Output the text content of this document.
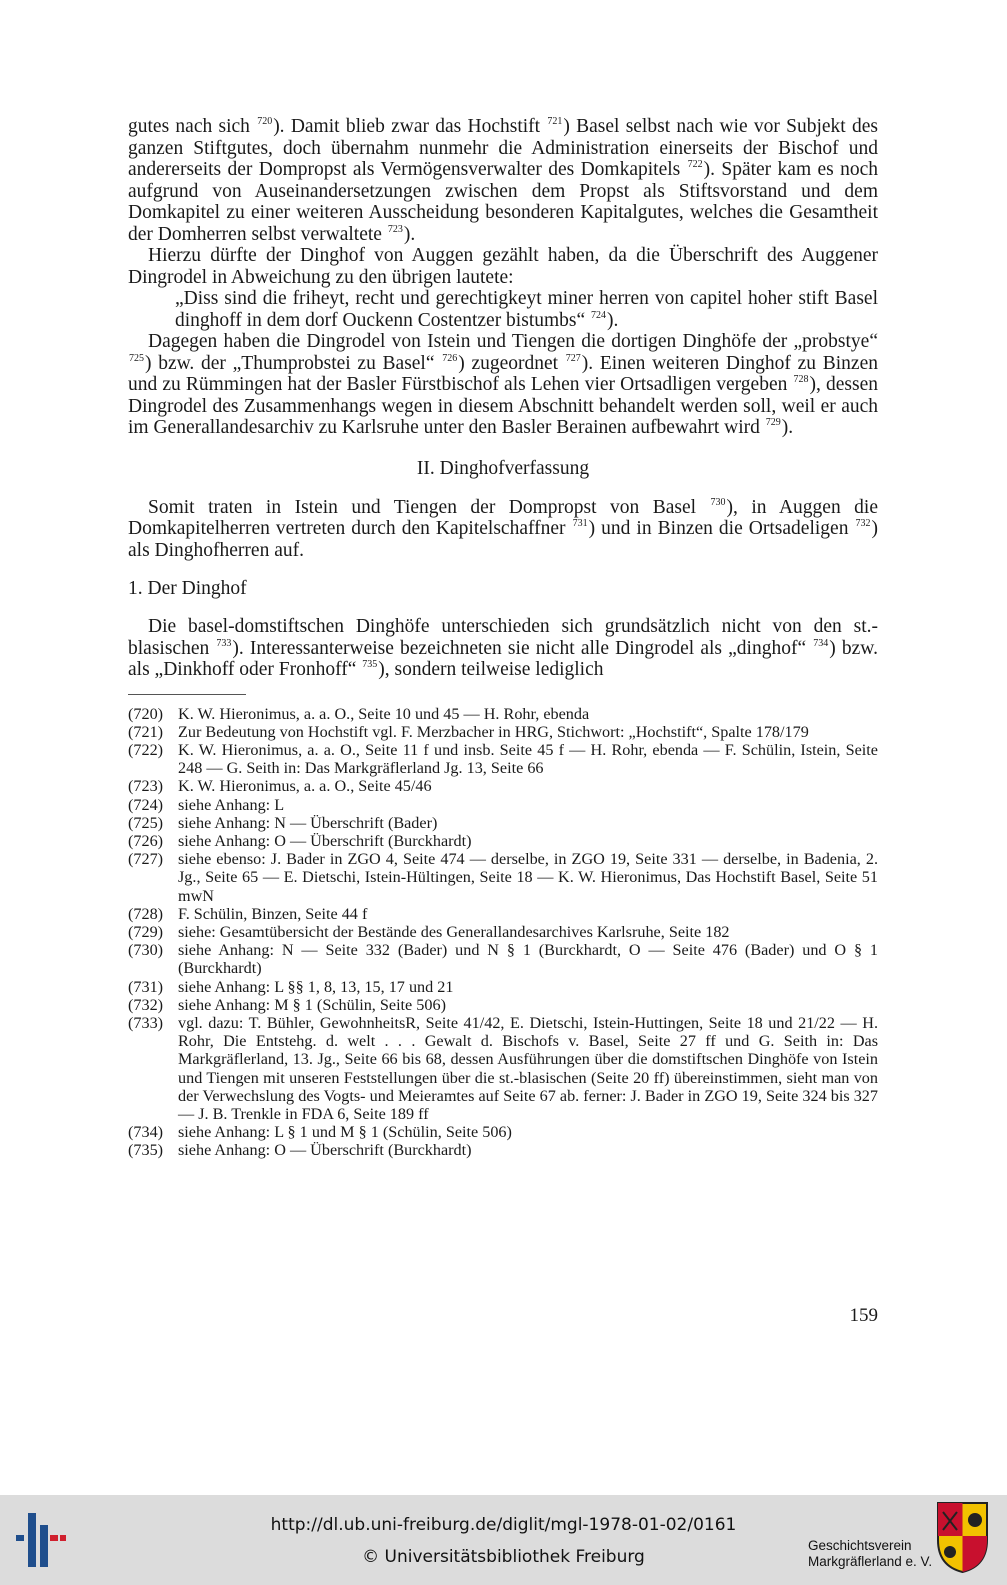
gutes nach sich $^{720}$). Damit blieb zwar das Hochstift $^{721}$) Basel selbst nach wie vor Subjekt des ganzen Stiftgutes, doch übernahm nunmehr die Administration einerseits der Bischof und andererseits der Dompropst als Vermögensverwalter des Domkapitels $^{722}$). Später kam es noch aufgrund von Auseinandersetzungen zwischen dem Propst als Stiftsvorstand und dem Domkapitel zu einer weiteren Ausscheidung besonderen Kapitalgutes, welches die Gesamtheit der Domherren selbst verwaltete $^{723}$).

Hierzu dürfte der Dinghof von Auggen gezählt haben, da die Überschrift des Auggener Dingrodel in Abweichung zu den übrigen lautete:

„Diss sind die friheyt, recht und gerechtigkeyt miner herren von capitel hoher stift Basel dinghoff in dem dorf Ouckenn Costentzer bistumbs“ $^{724}$).

Dagegen haben die Dingrodel von Istein und Tiengen die dortigen Dinghöfe der „probstye“ $^{725}$) bzw. der „Thumprobstei zu Basel“ $^{726}$) zugeordnet $^{727}$). Einen weiteren Dinghof zu Binzen und zu Rümmingen hat der Basler Fürstbischof als Lehen vier Ortsadligen vergeben $^{728}$), dessen Dingrodel des Zusammenhangs wegen in diesem Abschnitt behandelt werden soll, weil er auch im Generallandesarchiv zu Karlsruhe unter den Basler Berainen aufbewahrt wird $^{729}$).

II. Dinghofverfassung

Somit traten in Istein und Tiengen der Dompropst von Basel $^{730}$), in Auggen die Domkapitelherren vertreten durch den Kapitelschaffner $^{731}$) und in Binzen die Ortsadeligen $^{732}$) als Dinghofherren auf.

1. Der Dinghof

Die basel-domstiftschen Dinghöfe unterschieden sich grundsätzlich nicht von den st.-blasischen $^{733}$). Interessanterweise bezeichneten sie nicht alle Dingrodel als „dinghof“ $^{734}$) bzw. als „Dinkhoff oder Fronhoff“ $^{735}$), sondern teilweise lediglich

(720) K. W. Hieronimus, a. a. O., Seite 10 und 45 — H. Rohr, ebenda
(721) Zur Bedeutung von Hochstift vgl. F. Merzbacher in HRG, Stichwort: „Hochstift“, Spalte 178/179
(722) K. W. Hieronimus, a. a. O., Seite 11 f und insb. Seite 45 f — H. Rohr, ebenda — F. Schülin, Istein, Seite 248 — G. Seith in: Das Markgräflerland Jg. 13, Seite 66
(723) K. W. Hieronimus, a. a. O., Seite 45/46
(724) siehe Anhang: L
(725) siehe Anhang: N — Überschrift (Bader)
(726) siehe Anhang: O — Überschrift (Burckhardt)
(727) siehe ebenso: J. Bader in ZGO 4, Seite 474 — derselbe, in ZGO 19, Seite 331 — derselbe, in Badenia, 2. Jg., Seite 65 — E. Dietschi, Istein-Hültingen, Seite 18 — K. W. Hieronimus, Das Hochstift Basel, Seite 51 mwN
(728) F. Schülin, Binzen, Seite 44 f
(729) siehe: Gesamtübersicht der Bestände des Generallandesarchives Karlsruhe, Seite 182
(730) siehe Anhang: N — Seite 332 (Bader) und N § 1 (Burckhardt, O — Seite 476 (Bader) und O § 1 (Burckhardt)
(731) siehe Anhang: L §§ 1, 8, 13, 15, 17 und 21
(732) siehe Anhang: M § 1 (Schülin, Seite 506)
(733) vgl. dazu: T. Bühler, GewohnheitsR, Seite 41/42, E. Dietschi, Istein-Huttingen, Seite 18 und 21/22 — H. Rohr, Die Entstehg. d. welt . . . Gewalt d. Bischofs v. Basel, Seite 27 ff und G. Seith in: Das Markgräflerland, 13. Jg., Seite 66 bis 68, dessen Ausführungen über die domstiftschen Dinghöfe von Istein und Tiengen mit unseren Feststellungen über die st.-blasischen (Seite 20 ff) übereinstimmen, sieht man von der Verwechslung des Vogts- und Meieramtes auf Seite 67 ab. ferner: J. Bader in ZGO 19, Seite 324 bis 327 — J. B. Trenkle in FDA 6, Seite 189 ff
(734) siehe Anhang: L § 1 und M § 1 (Schülin, Seite 506)
(735) siehe Anhang: O — Überschrift (Burckhardt)
159
http://dl.ub.uni-freiburg.de/diglit/mgl-1978-01-02/0161
© Universitätsbibliothek Freiburg
Geschichtsverein
Markgräflerland e. V.
